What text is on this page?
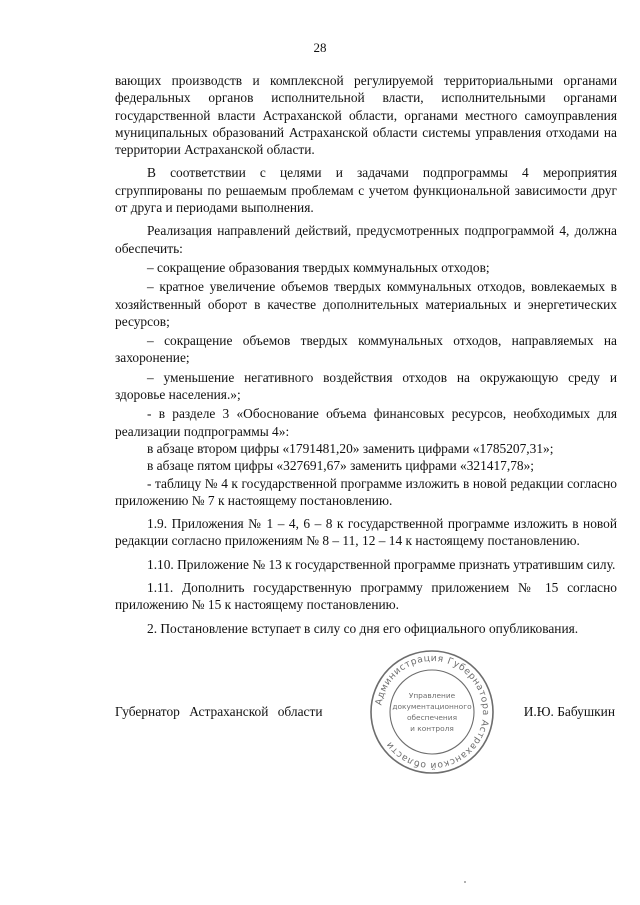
28

вающих производств и комплексной регулируемой территориальными органами федеральных органов исполнительной власти, исполнительными органами государственной власти Астраханской области, органами местного самоуправления муниципальных образований Астраханской области системы управления отходами на территории Астраханской области.

В соответствии с целями и задачами подпрограммы 4 мероприятия сгруппированы по решаемым проблемам с учетом функциональной зависимости друг от друга и периодами выполнения.

Реализация направлений действий, предусмотренных подпрограммой 4, должна обеспечить:

– сокращение образования твердых коммунальных отходов;

– кратное увеличение объемов твердых коммунальных отходов, вовлекаемых в хозяйственный оборот в качестве дополнительных материальных и энергетических ресурсов;

– сокращение объемов твердых коммунальных отходов, направляемых на захоронение;

– уменьшение негативного воздействия отходов на окружающую среду и здоровье населения.»;

- в разделе 3 «Обоснование объема финансовых ресурсов, необходимых для реализации подпрограммы 4»:

в абзаце втором цифры «1791481,20» заменить цифрами «1785207,31»;

в абзаце пятом цифры «327691,67» заменить цифрами «321417,78»;

- таблицу № 4 к государственной программе изложить в новой редакции согласно приложению № 7 к настоящему постановлению.

1.9. Приложения № 1 – 4, 6 – 8 к государственной программе изложить в новой редакции согласно приложениям № 8 – 11, 12 – 14 к настоящему постановлению.

1.10. Приложение № 13 к государственной программе признать утратившим силу.

1.11. Дополнить государственную программу приложением № 15 согласно приложению № 15 к настоящему постановлению.

2. Постановление вступает в силу со дня его официального опубликования.

Губернатор Астраханской области	И.Ю. Бабушкин
Администрация Губернатора Астраханской области
Управление
документационного
обеспечения
и контроля
